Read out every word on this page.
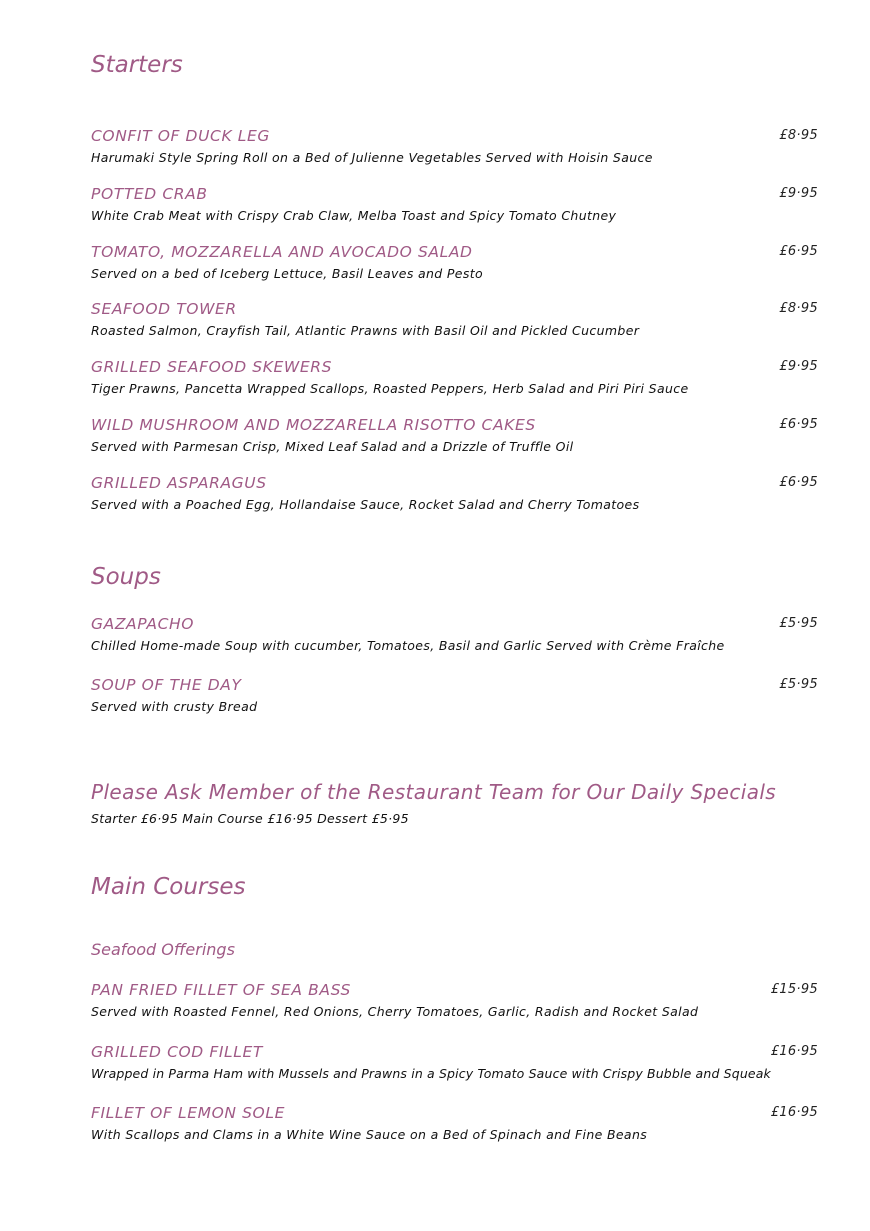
Starters
CONFIT OF DUCK LEG	£8·95
Harumaki Style Spring Roll on a Bed of Julienne Vegetables Served with Hoisin Sauce
POTTED CRAB	£9·95
White Crab Meat with Crispy Crab Claw, Melba Toast and Spicy Tomato Chutney
TOMATO, MOZZARELLA AND AVOCADO SALAD	£6·95
Served on a bed of Iceberg Lettuce, Basil Leaves and Pesto
SEAFOOD TOWER	£8·95
Roasted Salmon, Crayfish Tail, Atlantic Prawns with Basil Oil and Pickled Cucumber
GRILLED SEAFOOD SKEWERS	£9·95
Tiger Prawns, Pancetta Wrapped Scallops, Roasted Peppers, Herb Salad and Piri Piri Sauce
WILD MUSHROOM AND MOZZARELLA RISOTTO CAKES	£6·95
Served with Parmesan Crisp, Mixed Leaf Salad and a Drizzle of Truffle Oil
GRILLED ASPARAGUS	£6·95
Served with a Poached Egg, Hollandaise Sauce, Rocket Salad and Cherry Tomatoes
Soups
GAZAPACHO	£5·95
Chilled Home-made Soup with cucumber, Tomatoes, Basil and Garlic Served with Crème Fraîche
SOUP OF THE DAY	£5·95
Served with crusty Bread
Please Ask Member of the Restaurant Team for Our Daily Specials
Starter £6·95 Main Course £16·95 Dessert £5·95
Main Courses
Seafood Offerings
PAN FRIED FILLET OF SEA BASS	£15·95
Served with Roasted Fennel, Red Onions, Cherry Tomatoes, Garlic, Radish and Rocket Salad
GRILLED COD FILLET	£16·95
Wrapped in Parma Ham with Mussels and Prawns in a Spicy Tomato Sauce with Crispy Bubble and Squeak
FILLET OF LEMON SOLE	£16·95
With Scallops and Clams in a White Wine Sauce on a Bed of Spinach and Fine Beans
